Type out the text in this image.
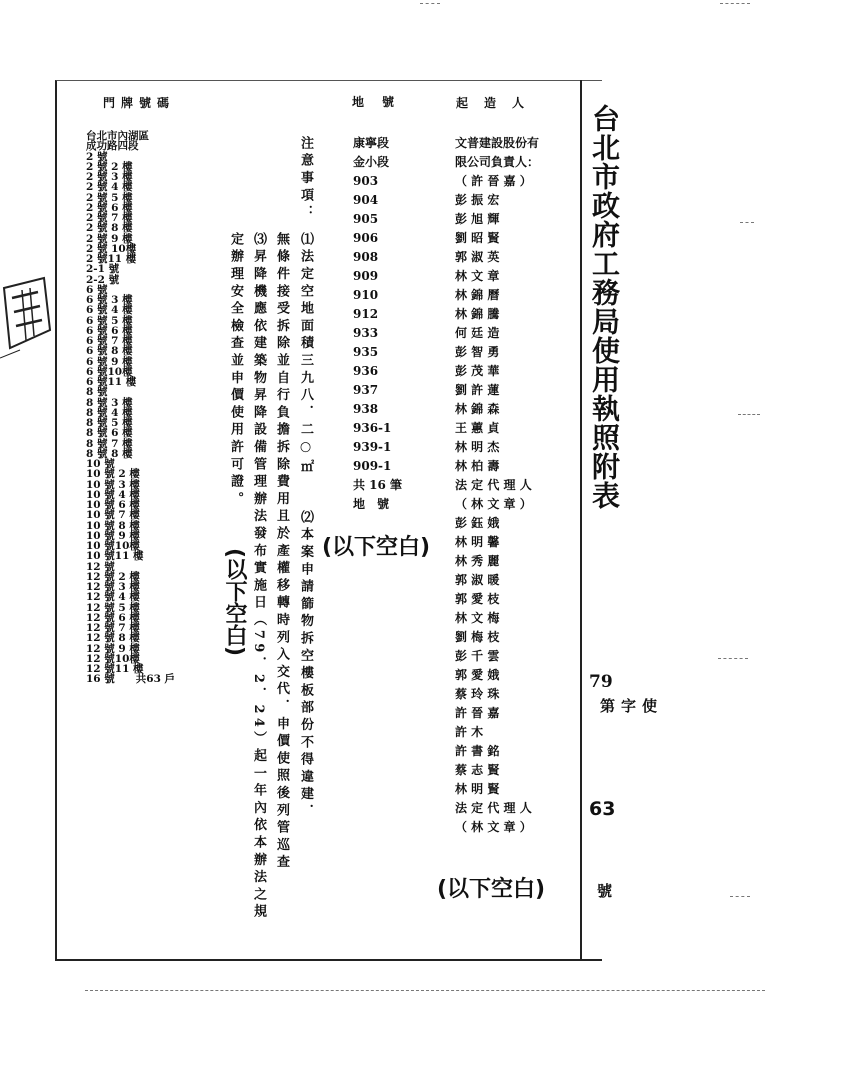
門牌號碼	地號	起造人
台北市內湖區
成功路四段
2 號
2 號 2 樓
2 號 3 樓
2 號 4 樓
2 號 5 樓
2 號 6 樓
2 號 7 樓
2 號 8 樓
2 號 9 樓
2 號 10樓
2 號11 樓
2-1 號
2-2 號
6 號
6 號 3 樓
6 號 4 樓
6 號 5 樓
6 號 6 樓
6 號 7 樓
6 號 8 樓
6 號 9 樓
6 號10樓
6 號11 樓
8 號
8 號 3 樓
8 號 4 樓
8 號 5 樓
8 號 6 樓
8 號 7 樓
8 號 8 樓
10 號
10 號 2 樓
10 號 3 樓
10 號 4 樓
10 號 6 樓
10 號 7 樓
10 號 8 樓
10 號 9 樓
10 號10樓
10 號11 樓
12 號
12 號 2 樓
12 號 3 樓
12 號 4 樓
12 號 5 樓
12 號 6 樓
12 號 7 樓
12 號 8 樓
12 號 9 樓
12 號10樓
12 號11 樓
16 號　　共63 戶
注意事項：
⑴法定空地面積三九八．二○㎡
⑵本案申請篩物拆空樓板部份不得違建．
無條件接受拆除並自行負擔拆除費用且於產權移轉時列入交代．申價使照後列管巡查
⑶昇降機應依建築物昇降設備管理辦法發布實施日（79．2．24）起一年內依本辦法之規
定辦理安全檢查並申價使用許可證。
(以下空白)
(以下空白)
(以下空白)
康寧段
金小段
903
904
905
906
908
909
910
912
933
935
936
937
938
936-1
939-1
909-1
共 16 筆
地　號
文普建設股份有
限公司負責人：
（ 許 晉 嘉 ）
彭 振 宏
彭 旭 輝
劉 昭 賢
郭 淑 英
林 文 章
林 錦 曆
林 錦 騰
何 廷 造
彭 智 勇
彭 茂 華
劉 許 蓮
林 錦 森
王 蕙 貞
林 明 杰
林 柏 壽
法 定 代 理 人
（ 林 文 章 ）
彭 鈺 娥
林 明 馨
林 秀 麗
郭 淑 暖
郭 愛 枝
林 文 梅
劉 梅 枝
彭 千 雲
郭 愛 娥
蔡 玲 珠
許 晉 嘉
許 木
許 書 銘
蔡 志 賢
林 明 賢
法 定 代 理 人
（ 林 文 章 ）
台北市政府工務局使用執照附表
79
使字第
63
號
